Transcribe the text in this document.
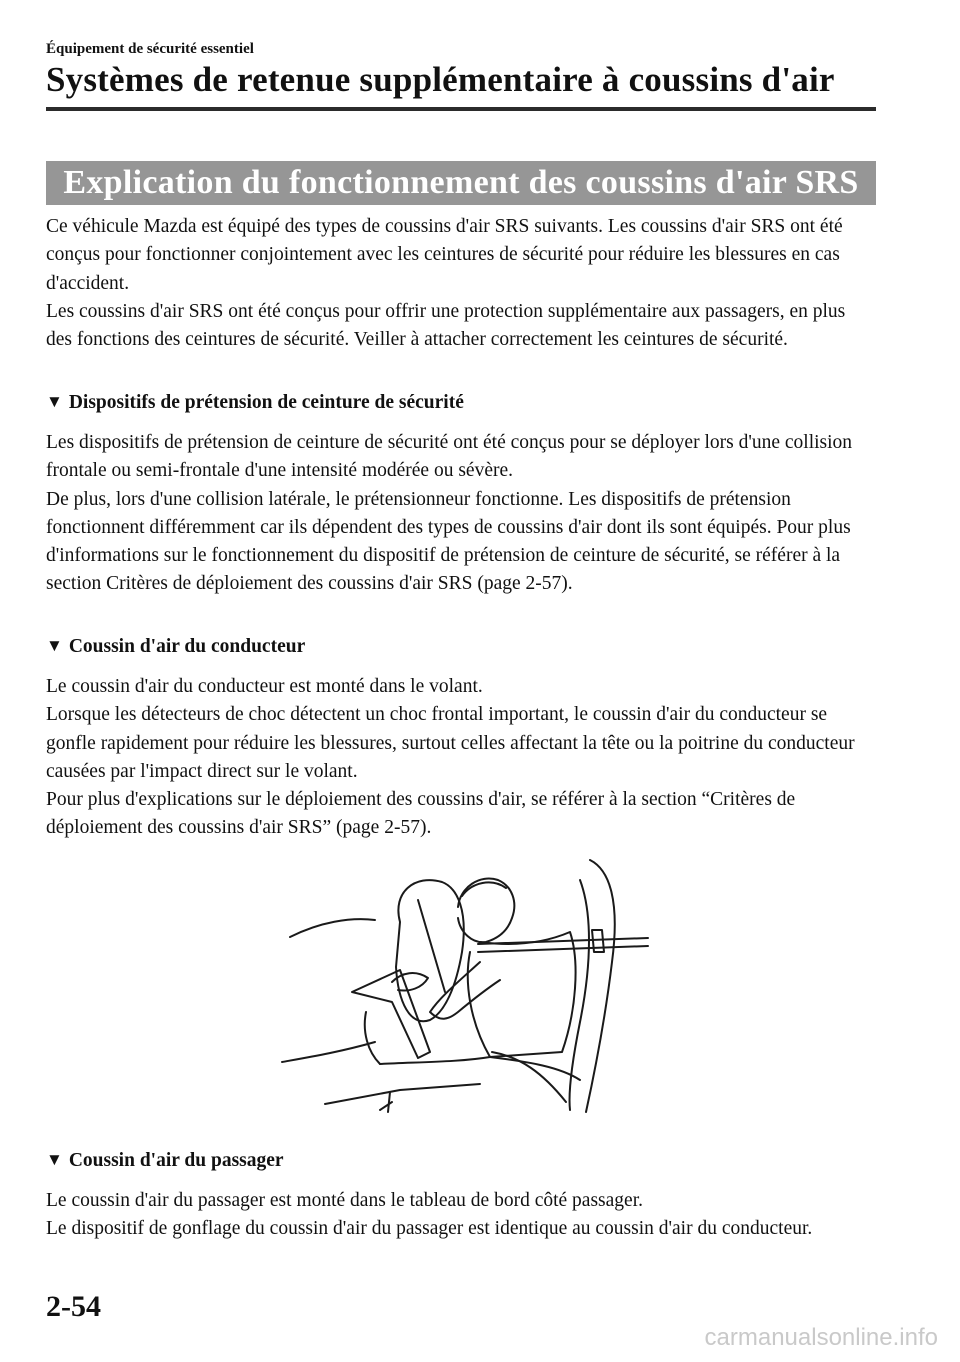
Équipement de sécurité essentiel
Systèmes de retenue supplémentaire à coussins d'air
Explication du fonctionnement des coussins d'air SRS

Ce véhicule Mazda est équipé des types de coussins d'air SRS suivants. Les coussins d'air SRS ont été conçus pour fonctionner conjointement avec les ceintures de sécurité pour réduire les blessures en cas d'accident.

Les coussins d'air SRS ont été conçus pour offrir une protection supplémentaire aux passagers, en plus des fonctions des ceintures de sécurité. Veiller à attacher correctement les ceintures de sécurité.

▼ Dispositifs de prétension de ceinture de sécurité

Les dispositifs de prétension de ceinture de sécurité ont été conçus pour se déployer lors d'une collision frontale ou semi-frontale d'une intensité modérée ou sévère.

De plus, lors d'une collision latérale, le prétensionneur fonctionne. Les dispositifs de prétension fonctionnent différemment car ils dépendent des types de coussins d'air dont ils sont équipés. Pour plus d'informations sur le fonctionnement du dispositif de prétension de ceinture de sécurité, se référer à la section Critères de déploiement des coussins d'air SRS (page 2-57).

▼ Coussin d'air du conducteur

Le coussin d'air du conducteur est monté dans le volant.

Lorsque les détecteurs de choc détectent un choc frontal important, le coussin d'air du conducteur se gonfle rapidement pour réduire les blessures, surtout celles affectant la tête ou la poitrine du conducteur causées par l'impact direct sur le volant.

Pour plus d'explications sur le déploiement des coussins d'air, se référer à la section “Critères de déploiement des coussins d'air SRS” (page 2-57).

▼ Coussin d'air du passager

Le coussin d'air du passager est monté dans le tableau de bord côté passager.

Le dispositif de gonflage du coussin d'air du passager est identique au coussin d'air du conducteur.

2-54
carmanualsonline.info
